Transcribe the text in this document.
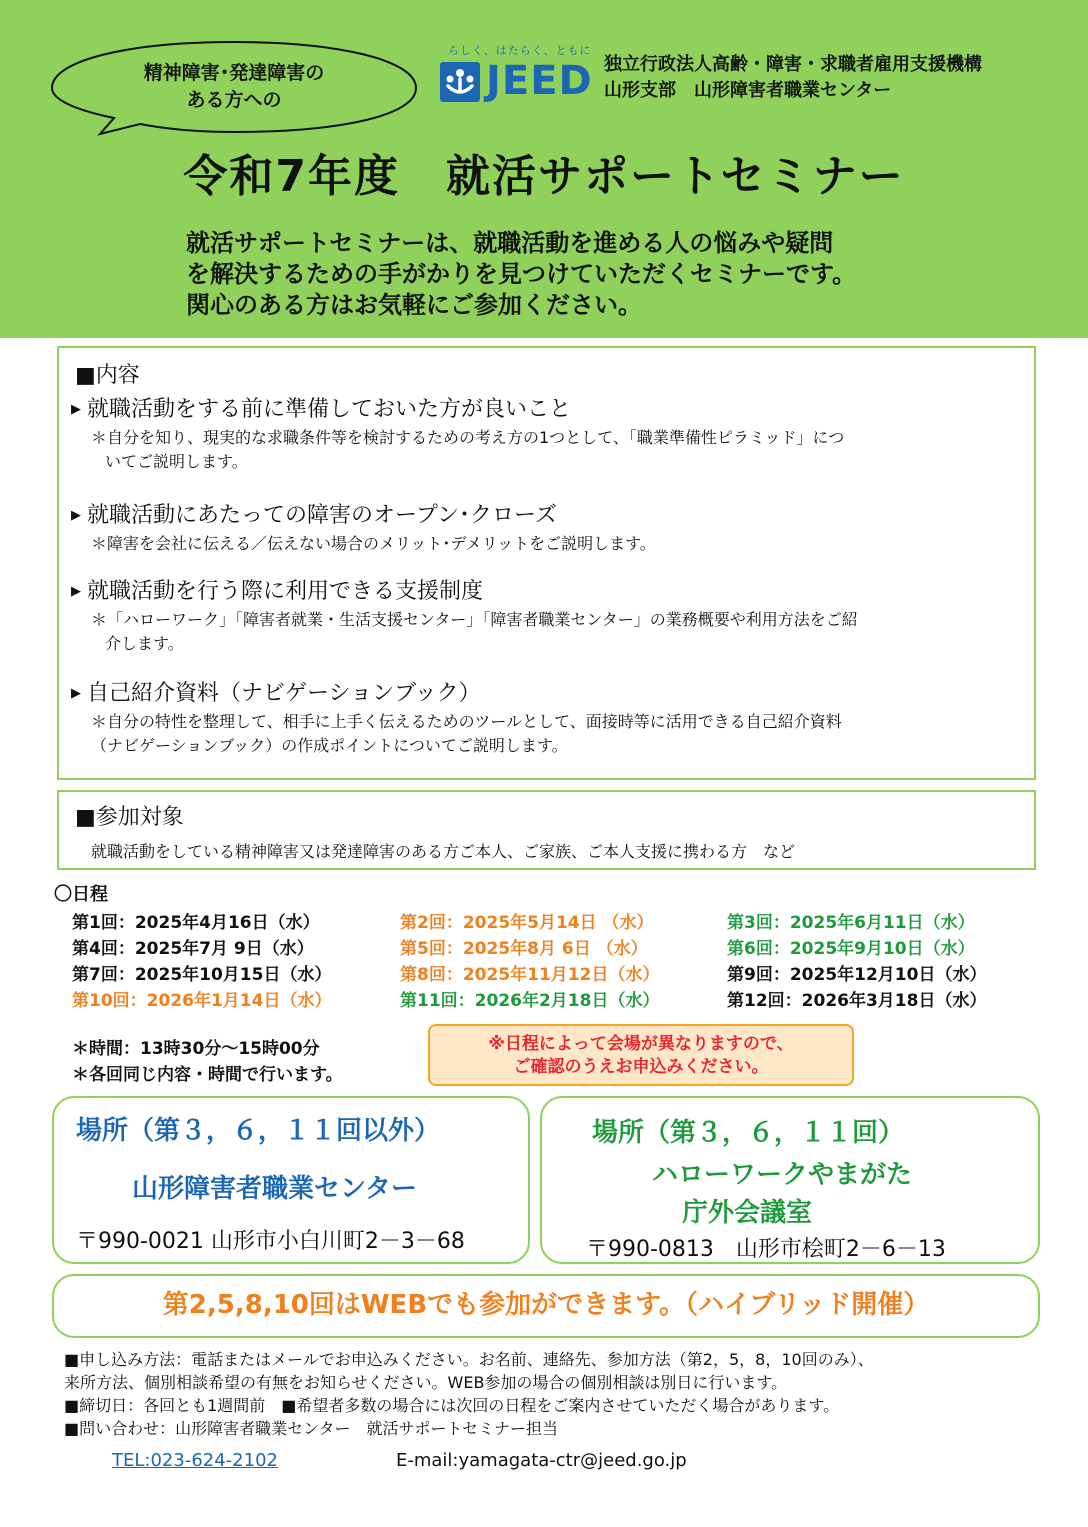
精神障害･発達障害の
ある方への
らしく、はたらく、ともに
JEED 独立行政法人高齢・障害・求職者雇用支援機構
山形支部　山形障害者職業センター
令和7年度　就活サポートセミナー
就活サポートセミナーは、就職活動を進める人の悩みや疑問
を解決するための手がかりを見つけていただくセミナーです。
関心のある方はお気軽にご参加ください。
■内容
▶ 就職活動をする前に準備しておいた方が良いこと
＊自分を知り、現実的な求職条件等を検討するための考え方の1つとして、「職業準備性ピラミッド」につ
いてご説明します。
▶ 就職活動にあたっての障害のオープン･クローズ
＊障害を会社に伝える／伝えない場合のメリット･デメリットをご説明します。
▶ 就職活動を行う際に利用できる支援制度
＊「ハローワーク」「障害者就業・生活支援センター」「障害者職業センター」の業務概要や利用方法をご紹
介します。
▶ 自己紹介資料（ナビゲーションブック）
＊自分の特性を整理して、相手に上手く伝えるためのツールとして、面接時等に活用できる自己紹介資料
（ナビゲーションブック）の作成ポイントについてご説明します。
■参加対象
就職活動をしている精神障害又は発達障害のある方ご本人、ご家族、ご本人支援に携わる方　など
〇日程
第1回：2025年4月16日（水）	第2回：2025年5月14日 （水）	第3回：2025年6月11日（水）
第4回：2025年7月 9日（水）	第5回：2025年8月 6日 （水）	第6回：2025年9月10日（水）
第7回：2025年10月15日（水）	第8回：2025年11月12日（水）	第9回：2025年12月10日（水）
第10回：2026年1月14日（水）	第11回：2026年2月18日（水）	第12回：2026年3月18日（水）
＊時間：13時30分～15時00分
＊各回同じ内容・時間で行います。
※日程によって会場が異なりますので、
ご確認のうえお申込みください。
場所（第３，６，１１回以外）
山形障害者職業センター
〒990-0021 山形市小白川町2－3－68
場所（第３，６，１１回）
ハローワークやまがた
庁外会議室
〒990-0813　山形市桧町2－6－13
第2,5,8,10回はWEBでも参加ができます。（ハイブリッド開催）
■申し込み方法：電話またはメールでお申込みください。お名前、連絡先、参加方法（第2，5，8，10回のみ）、
来所方法、個別相談希望の有無をお知らせください。WEB参加の場合の個別相談は別日に行います。
■締切日：各回とも1週間前　■希望者多数の場合には次回の日程をご案内させていただく場合があります。
■問い合わせ：山形障害者職業センター　就活サポートセミナー担当
TEL:023-624-2102	E-mail:yamagata-ctr@jeed.go.jp
